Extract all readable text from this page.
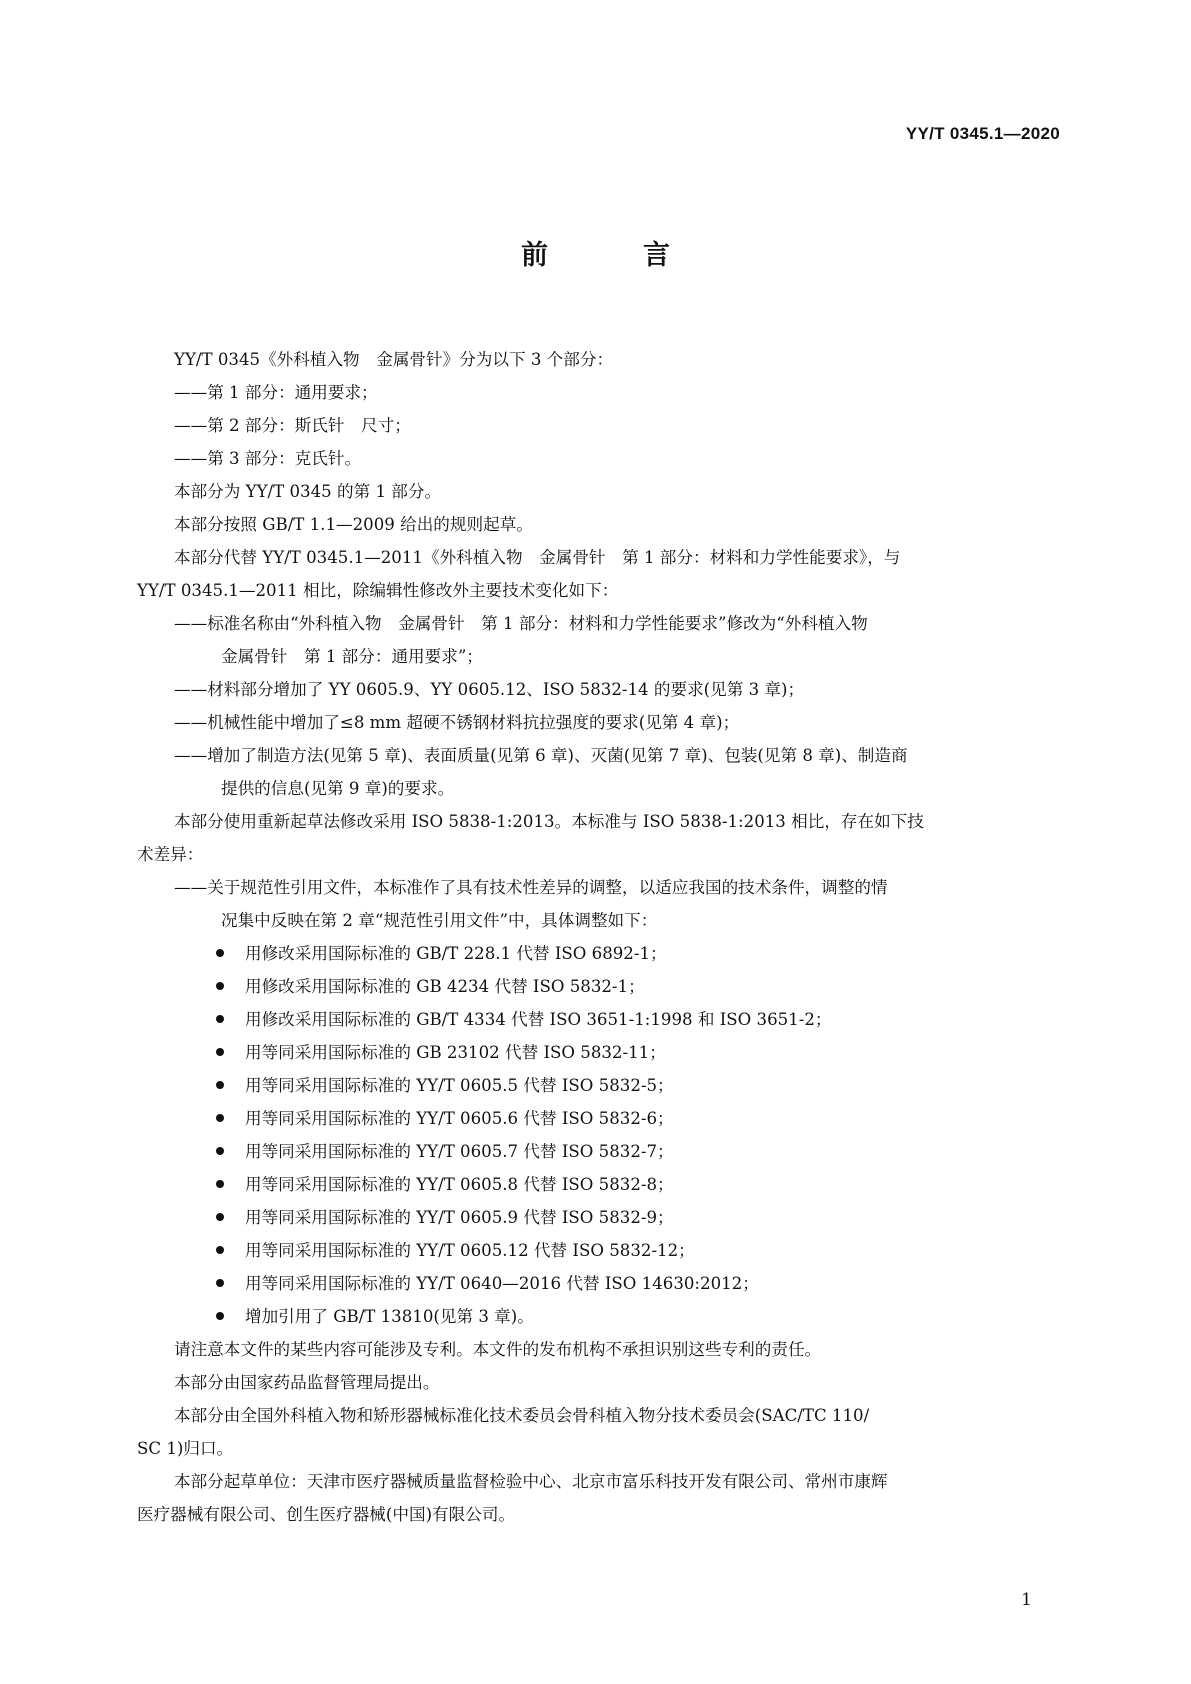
YY/T 0345.1—2020
前　言
YY/T 0345《外科植入物　金属骨针》分为以下 3 个部分：
——第 1 部分：通用要求；
——第 2 部分：斯氏针　尺寸；
——第 3 部分：克氏针。
本部分为 YY/T 0345 的第 1 部分。
本部分按照 GB/T 1.1—2009 给出的规则起草。
本部分代替 YY/T 0345.1—2011《外科植入物　金属骨针　第 1 部分：材料和力学性能要求》，与
YY/T 0345.1—2011 相比，除编辑性修改外主要技术变化如下：
——标准名称由“外科植入物　金属骨针　第 1 部分：材料和力学性能要求”修改为“外科植入物
金属骨针　第 1 部分：通用要求”；
——材料部分增加了 YY 0605.9、YY 0605.12、ISO 5832-14 的要求(见第 3 章)；
——机械性能中增加了≤8 mm 超硬不锈钢材料抗拉强度的要求(见第 4 章)；
——增加了制造方法(见第 5 章)、表面质量(见第 6 章)、灭菌(见第 7 章)、包装(见第 8 章)、制造商
提供的信息(见第 9 章)的要求。
本部分使用重新起草法修改采用 ISO 5838-1:2013。本标准与 ISO 5838-1:2013 相比，存在如下技
术差异：
——关于规范性引用文件，本标准作了具有技术性差异的调整，以适应我国的技术条件，调整的情
况集中反映在第 2 章“规范性引用文件”中，具体调整如下：
用修改采用国际标准的 GB/T 228.1 代替 ISO 6892-1；
用修改采用国际标准的 GB 4234 代替 ISO 5832-1；
用修改采用国际标准的 GB/T 4334 代替 ISO 3651-1:1998 和 ISO 3651-2；
用等同采用国际标准的 GB 23102 代替 ISO 5832-11；
用等同采用国际标准的 YY/T 0605.5 代替 ISO 5832-5；
用等同采用国际标准的 YY/T 0605.6 代替 ISO 5832-6；
用等同采用国际标准的 YY/T 0605.7 代替 ISO 5832-7；
用等同采用国际标准的 YY/T 0605.8 代替 ISO 5832-8；
用等同采用国际标准的 YY/T 0605.9 代替 ISO 5832-9；
用等同采用国际标准的 YY/T 0605.12 代替 ISO 5832-12；
用等同采用国际标准的 YY/T 0640—2016 代替 ISO 14630:2012；
增加引用了 GB/T 13810(见第 3 章)。
请注意本文件的某些内容可能涉及专利。本文件的发布机构不承担识别这些专利的责任。
本部分由国家药品监督管理局提出。
本部分由全国外科植入物和矫形器械标准化技术委员会骨科植入物分技术委员会(SAC/TC 110/
SC 1)归口。
本部分起草单位：天津市医疗器械质量监督检验中心、北京市富乐科技开发有限公司、常州市康辉
医疗器械有限公司、创生医疗器械(中国)有限公司。
1
